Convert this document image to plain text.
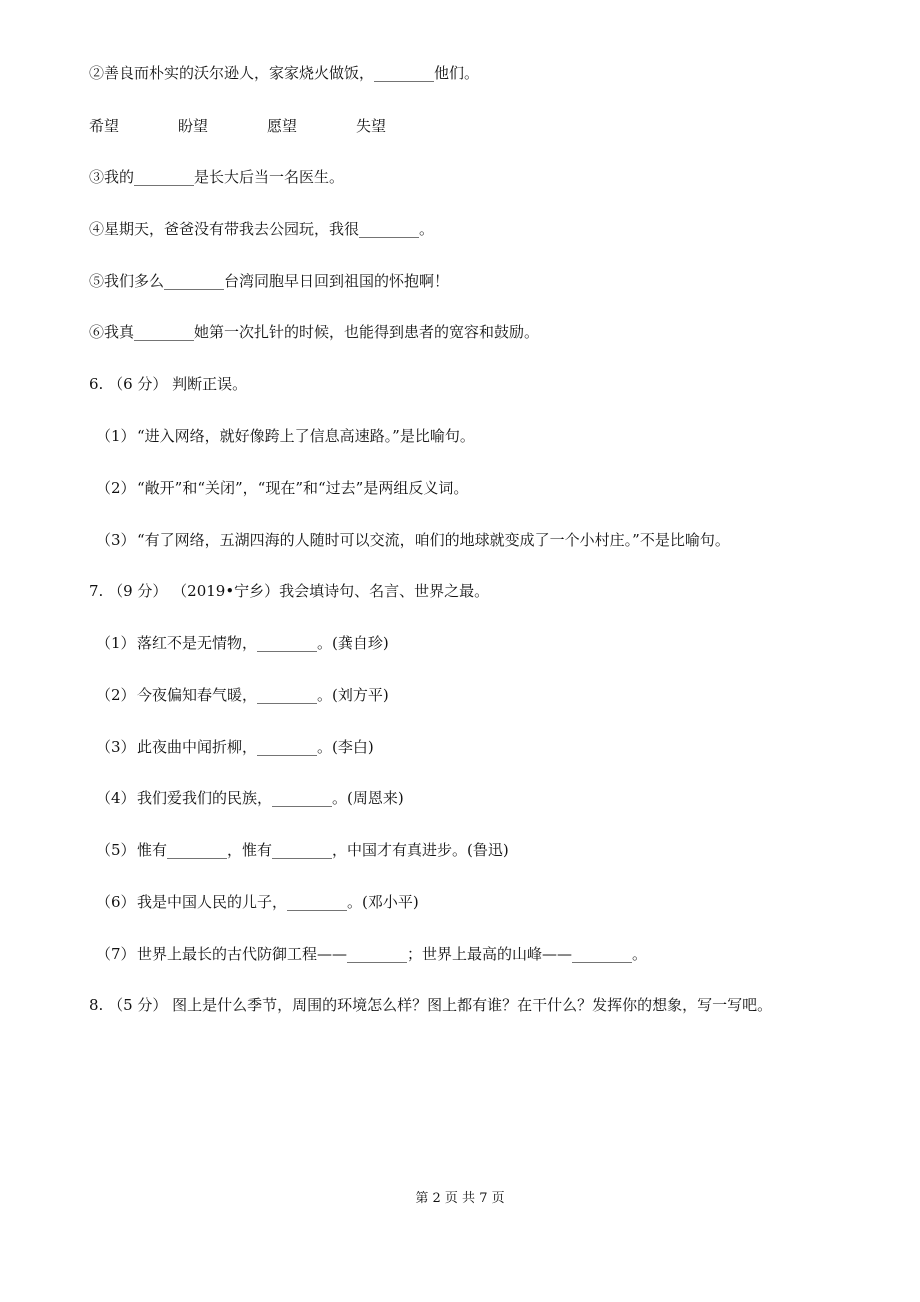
②善良而朴实的沃尔逊人，家家烧火做饭，________他们。
希望	盼望	愿望	失望
③我的________是长大后当一名医生。
④星期天，爸爸没有带我去公园玩，我很________。
⑤我们多么________台湾同胞早日回到祖国的怀抱啊！
⑥我真________她第一次扎针的时候，也能得到患者的宽容和鼓励。
6. （6 分） 判断正误。
（1）“进入网络，就好像跨上了信息高速路。”是比喻句。
（2）“敞开”和“关闭”，“现在”和“过去”是两组反义词。
（3）“有了网络，五湖四海的人随时可以交流，咱们的地球就变成了一个小村庄。”不是比喻句。
7. （9 分） （2019•宁乡）我会填诗句、名言、世界之最。
（1）落红不是无情物，________。(龚自珍)
（2）今夜偏知春气暖，________。(刘方平)
（3）此夜曲中闻折柳，________。(李白)
（4）我们爱我们的民族，________。(周恩来)
（5）惟有________，惟有________，中国才有真进步。(鲁迅)
（6）我是中国人民的儿子，________。(邓小平)
（7）世界上最长的古代防御工程——________；世界上最高的山峰——________。
8. （5 分） 图上是什么季节，周围的环境怎么样？图上都有谁？在干什么？发挥你的想象，写一写吧。
第 2 页 共 7 页
